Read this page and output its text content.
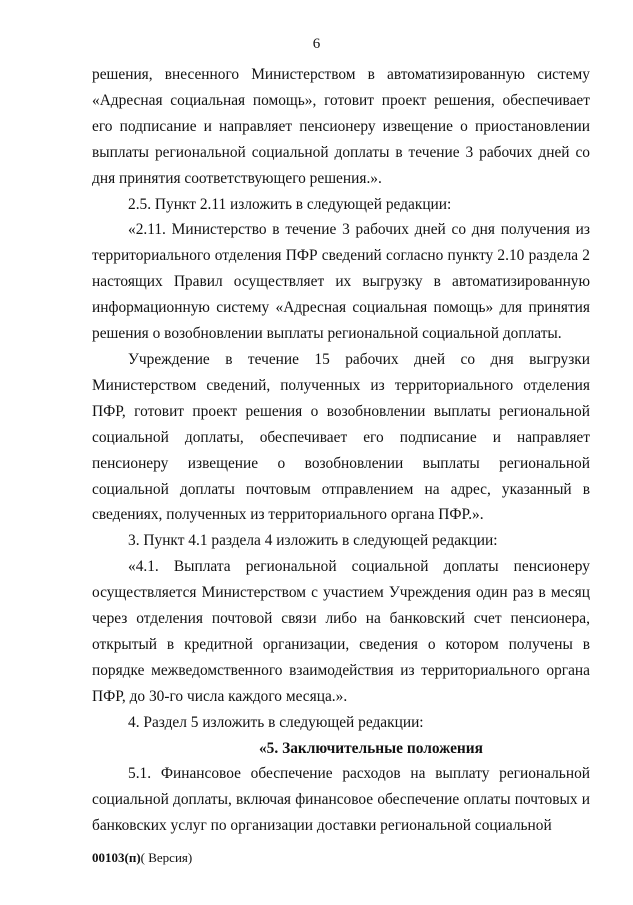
6

решения, внесенного Министерством в автоматизированную систему «Адресная социальная помощь», готовит проект решения, обеспечивает его подписание и направляет пенсионеру извещение о приостановлении выплаты региональной социальной доплаты в течение 3 рабочих дней со дня принятия соответствующего решения.».

2.5. Пункт 2.11 изложить в следующей редакции:

«2.11. Министерство в течение 3 рабочих дней со дня получения из территориального отделения ПФР сведений согласно пункту 2.10 раздела 2 настоящих Правил осуществляет их выгрузку в автоматизированную информационную систему «Адресная социальная помощь» для принятия решения о возобновлении выплаты региональной социальной доплаты.

Учреждение в течение 15 рабочих дней со дня выгрузки Министерством сведений, полученных из территориального отделения ПФР, готовит проект решения о возобновлении выплаты региональной социальной доплаты, обеспечивает его подписание и направляет пенсионеру извещение о возобновлении выплаты региональной социальной доплаты почтовым отправлением на адрес, указанный в сведениях, полученных из территориального органа ПФР.».

3. Пункт 4.1 раздела 4 изложить в следующей редакции:

«4.1. Выплата региональной социальной доплаты пенсионеру осуществляется Министерством с участием Учреждения один раз в месяц через отделения почтовой связи либо на банковский счет пенсионера, открытый в кредитной организации, сведения о котором получены в порядке межведомственного взаимодействия из территориального органа ПФР, до 30-го числа каждого месяца.».

4. Раздел 5 изложить в следующей редакции:

«5. Заключительные положения

5.1. Финансовое обеспечение расходов на выплату региональной социальной доплаты, включая финансовое обеспечение оплаты почтовых и банковских услуг по организации доставки региональной социальной

00103(п)( Версия)
